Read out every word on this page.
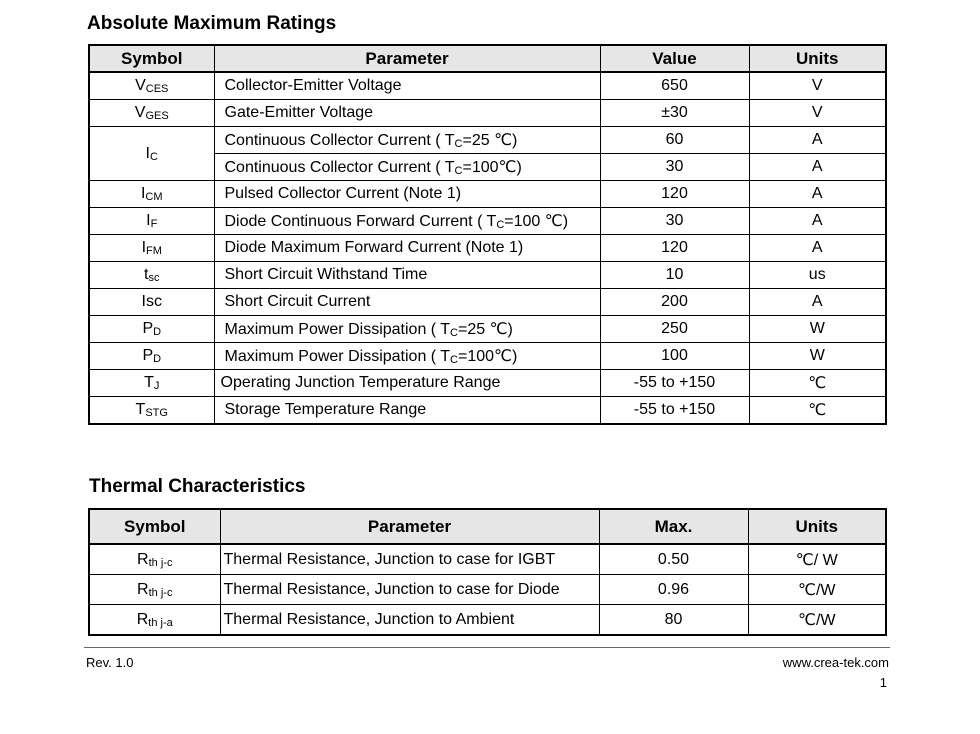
Absolute Maximum Ratings
Symbol	Parameter	Value	Units
$V_{CES}$	Collector-Emitter Voltage	650	V
$V_{GES}$	Gate-Emitter Voltage	±30	V
$I_C$	Continuous Collector Current ( $T_C=25$ ℃)	60	A
	Continuous Collector Current ( $T_C=100℃$)	30	A
$I_{CM}$	Pulsed Collector Current (Note 1)	120	A
$I_F$	Diode Continuous Forward Current ( $T_C=100$ ℃)	30	A
$I_{FM}$	Diode Maximum Forward Current (Note 1)	120	A
$t_{sc}$	Short Circuit Withstand Time	10	us
Isc	Short Circuit Current	200	A
$P_D$	Maximum Power Dissipation ( $T_C=25$ ℃)	250	W
$P_D$	Maximum Power Dissipation ( $T_C=100℃$)	100	W
$T_J$	Operating Junction Temperature Range	-55 to +150	℃
$T_{STG}$	Storage Temperature Range	-55 to +150	℃
Thermal Characteristics
Symbol	Parameter	Max.	Units
$R_{th j-c}$	Thermal Resistance, Junction to case for IGBT	0.50	℃/ W
$R_{th j-c}$	Thermal Resistance, Junction to case for Diode	0.96	℃/W
$R_{th j-a}$	Thermal Resistance, Junction to Ambient	80	℃/W
Rev. 1.0	www.crea-tek.com
1
